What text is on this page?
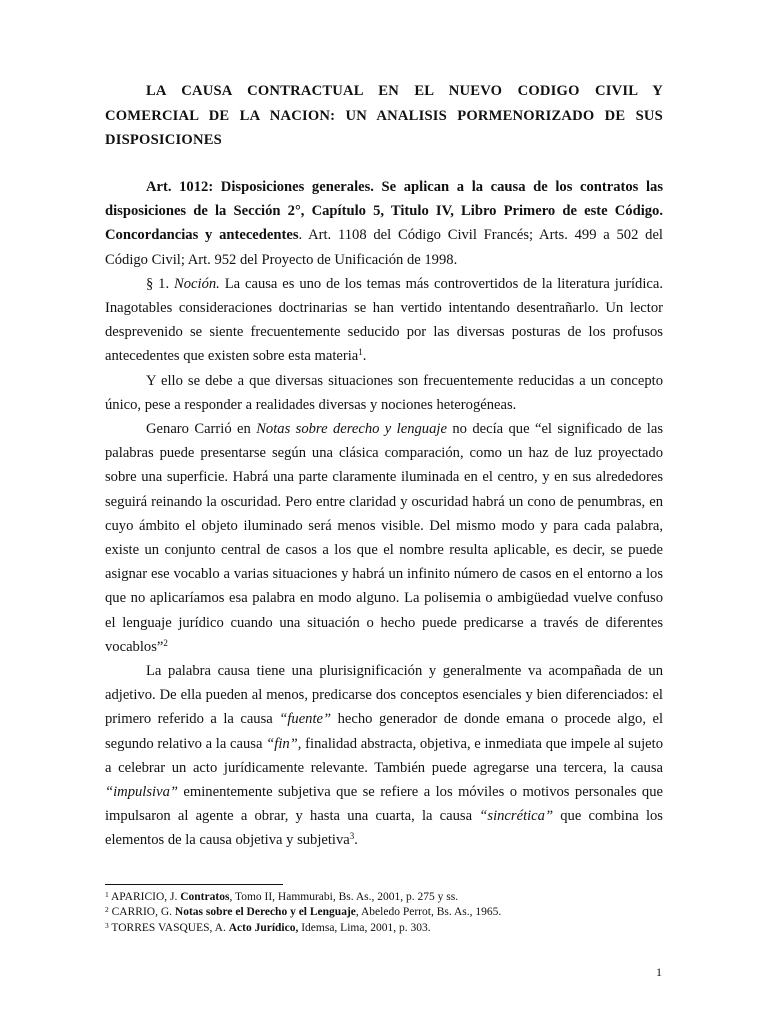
LA CAUSA CONTRACTUAL EN EL NUEVO CODIGO CIVIL Y COMERCIAL DE LA NACION: UN ANALISIS PORMENORIZADO DE SUS DISPOSICIONES

Art. 1012: Disposiciones generales. Se aplican a la causa de los contratos las disposiciones de la Sección 2°, Capítulo 5, Titulo IV, Libro Primero de este Código. Concordancias y antecedentes. Art. 1108 del Código Civil Francés; Arts. 499 a 502 del Código Civil; Art. 952 del Proyecto de Unificación de 1998.

§ 1. Noción. La causa es uno de los temas más controvertidos de la literatura jurídica. Inagotables consideraciones doctrinarias se han vertido intentando desentrañarlo. Un lector desprevenido se siente frecuentemente seducido por las diversas posturas de los profusos antecedentes que existen sobre esta materia$^1$.

Y ello se debe a que diversas situaciones son frecuentemente reducidas a un concepto único, pese a responder a realidades diversas y nociones heterogéneas.

Genaro Carrió en Notas sobre derecho y lenguaje no decía que “el significado de las palabras puede presentarse según una clásica comparación, como un haz de luz proyectado sobre una superficie. Habrá una parte claramente iluminada en el centro, y en sus alrededores seguirá reinando la oscuridad. Pero entre claridad y oscuridad habrá un cono de penumbras, en cuyo ámbito el objeto iluminado será menos visible. Del mismo modo y para cada palabra, existe un conjunto central de casos a los que el nombre resulta aplicable, es decir, se puede asignar ese vocablo a varias situaciones y habrá un infinito número de casos en el entorno a los que no aplicaríamos esa palabra en modo alguno. La polisemia o ambigüedad vuelve confuso el lenguaje jurídico cuando una situación o hecho puede predicarse a través de diferentes vocablos”$^2$

La palabra causa tiene una plurisignificación y generalmente va acompañada de un adjetivo. De ella pueden al menos, predicarse dos conceptos esenciales y bien diferenciados: el primero referido a la causa “fuente” hecho generador de donde emana o procede algo, el segundo relativo a la causa “fin”, finalidad abstracta, objetiva, e inmediata que impele al sujeto a celebrar un acto jurídicamente relevante. También puede agregarse una tercera, la causa “impulsiva” eminentemente subjetiva que se refiere a los móviles o motivos personales que impulsaron al agente a obrar, y hasta una cuarta, la causa “sincrética” que combina los elementos de la causa objetiva y subjetiva$^3$.

$^1$ APARICIO, J. Contratos, Tomo II, Hammurabi, Bs. As., 2001, p. 275 y ss.

$^2$ CARRIO, G. Notas sobre el Derecho y el Lenguaje, Abeledo Perrot, Bs. As., 1965.

$^3$ TORRES VASQUES, A. Acto Jurídico, Idemsa, Lima, 2001, p. 303.

1
